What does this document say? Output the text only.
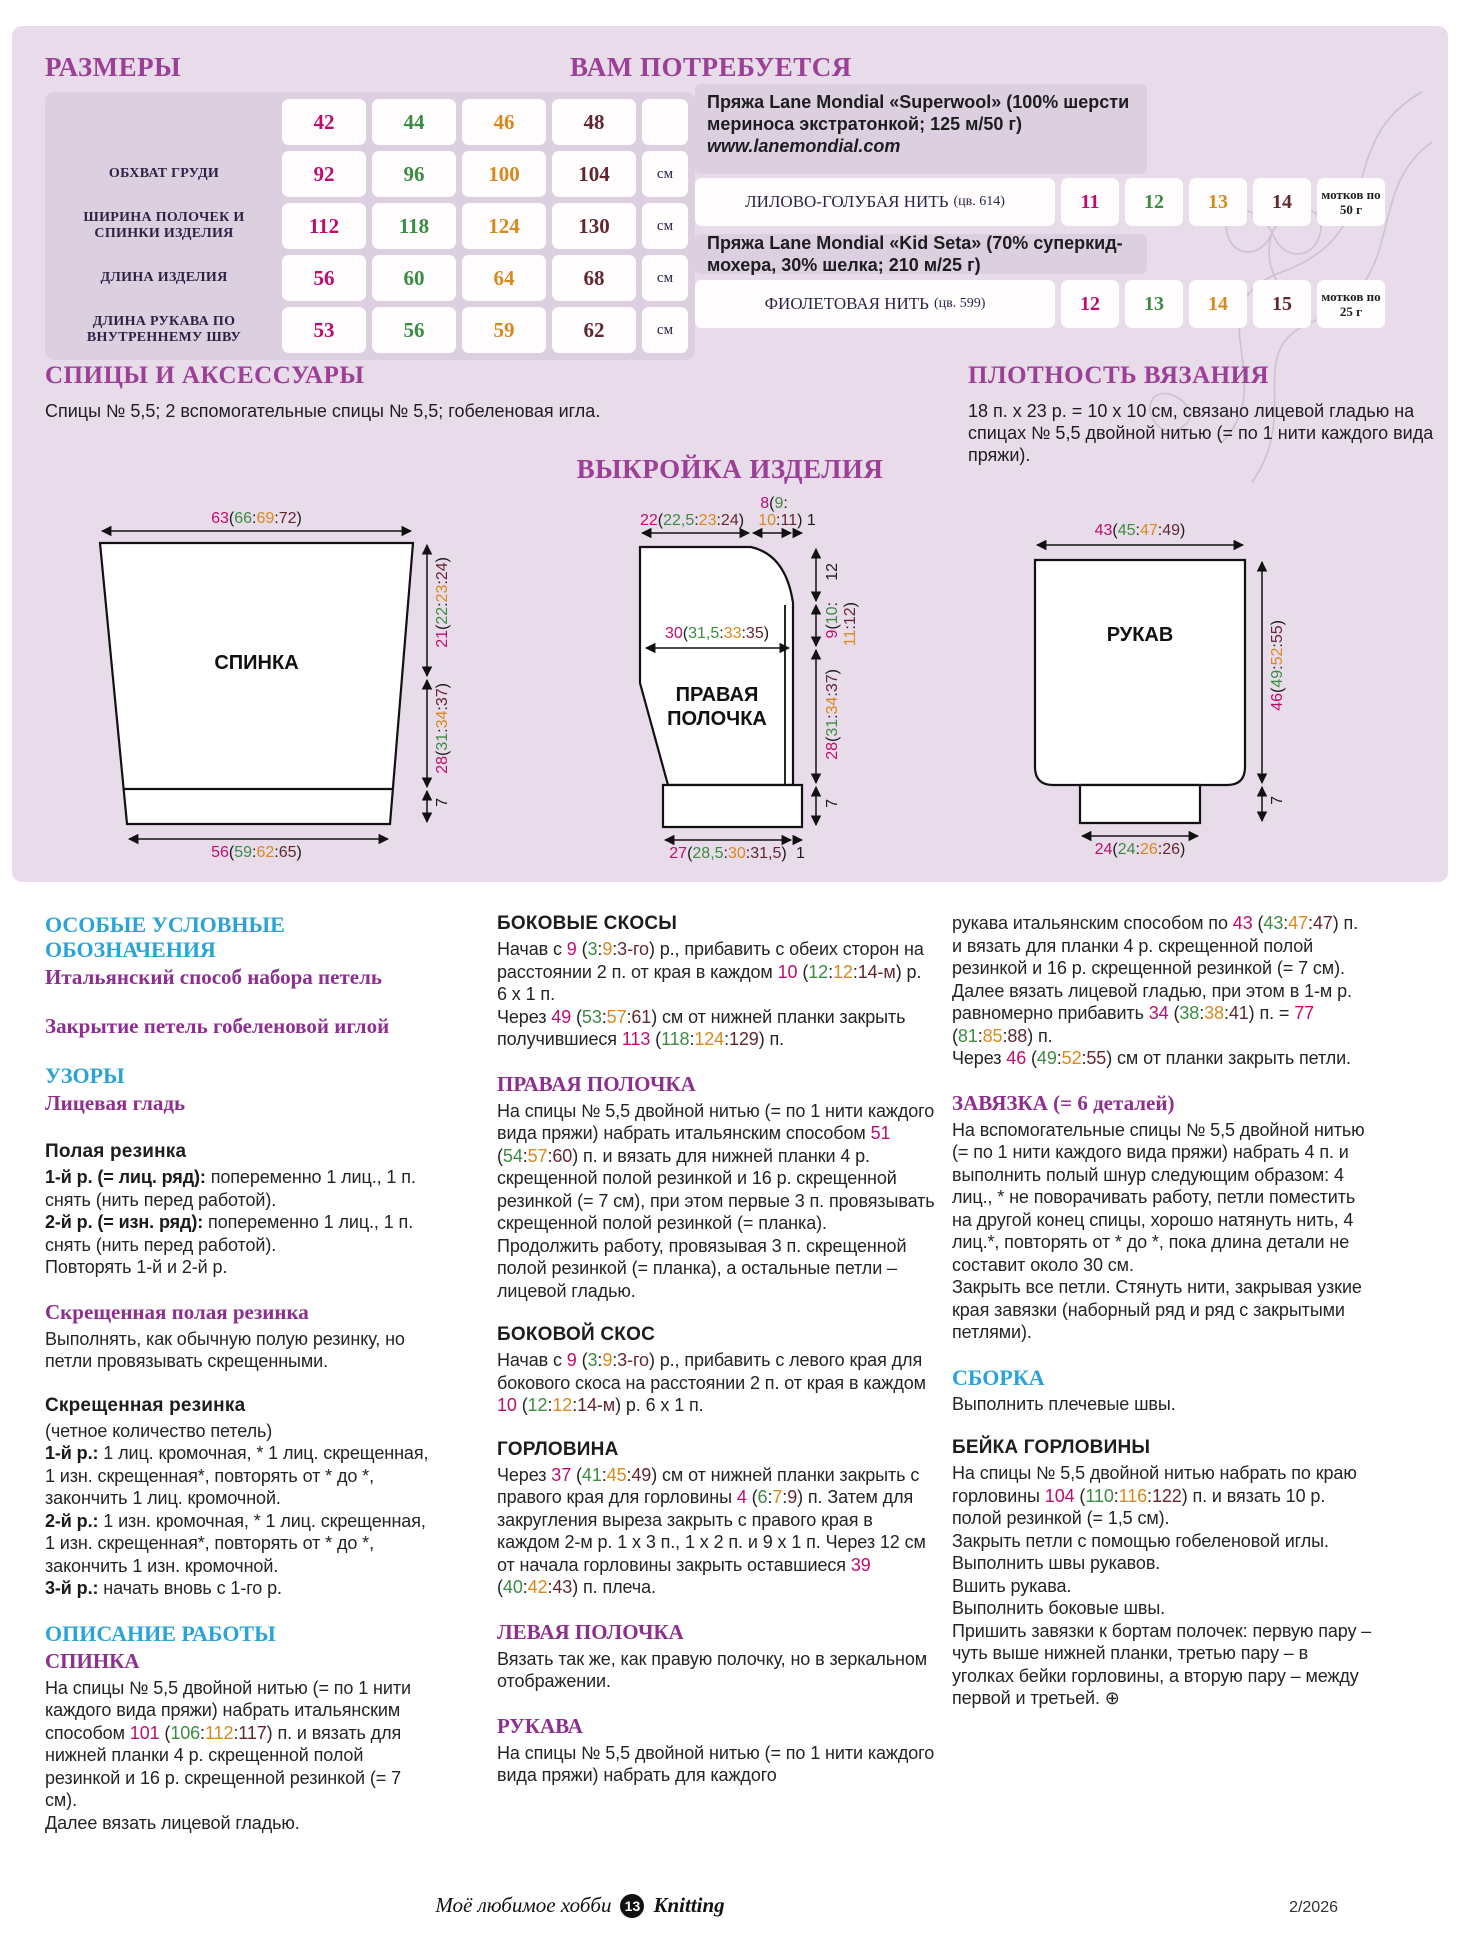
РАЗМЕРЫ
42	44	46	48
ОБХВАТ ГРУДИ	92	96	100	104	см
ШИРИНА ПОЛОЧЕК И СПИНКИ ИЗДЕЛИЯ	112	118	124	130	см
ДЛИНА ИЗДЕЛИЯ	56	60	64	68	см
ДЛИНА РУКАВА ПО ВНУТРЕННЕМУ ШВУ	53	56	59	62	см
ВАМ ПОТРЕБУЕТСЯ
Пряжа Lane Mondial «Superwool» (100% шерсти мериноса экстратонкой; 125 м/50 г)
www.lanemondial.com
ЛИЛОВО-ГОЛУБАЯ НИТЬ (цв. 614)	11	12	13	14	мотков по 50 г
Пряжа Lane Mondial «Kid Seta» (70% суперкид-мохера, 30% шелка; 210 м/25 г)
ФИОЛЕТОВАЯ НИТЬ (цв. 599)	12	13	14	15	мотков по 25 г
СПИЦЫ И АКСЕССУАРЫ
Спицы № 5,5; 2 вспомогательные спицы № 5,5; гобеленовая игла.
ПЛОТНОСТЬ ВЯЗАНИЯ
18 п. x 23 р. = 10 x 10 см, связано лицевой гладью на спицах № 5,5 двойной нитью (= по 1 нити каждого вида пряжи).
ВЫКРОЙКА ИЗДЕЛИЯ
63(66:69:72)
СПИНКА
21(22:23:24)
28(31:34:37)
7
56(59:62:65)
8(9:
22(22,5:23:24) 10:11) 1
30(31,5:33:35)
ПРАВАЯ ПОЛОЧКА
12
9(10:
11:12)
28(31:34:37)
7
27(28,5:30:31,5) 1
43(45:47:49)
РУКАВ
46(49:52:55)
7
24(24:26:26)
ОСОБЫЕ УСЛОВНЫЕ ОБОЗНАЧЕНИЯ
Итальянский способ набора петель
Закрытие петель гобеленовой иглой
УЗОРЫ
Лицевая гладь
Полая резинка

1-й р. (= лиц. ряд): попеременно 1 лиц., 1 п. снять (нить перед работой).

2-й р. (= изн. ряд): попеременно 1 лиц., 1 п. снять (нить перед работой).

Повторять 1-й и 2-й р.

Скрещенная полая резинка

Выполнять, как обычную полую резинку, но петли провязывать скрещенными.

Скрещенная резинка

(четное количество петель)

1-й р.: 1 лиц. кромочная, * 1 лиц. скрещенная, 1 изн. скрещенная*, повторять от * до *, закончить 1 лиц. кромочной.

2-й р.: 1 изн. кромочная, * 1 лиц. скрещенная, 1 изн. скрещенная*, повторять от * до *, закончить 1 изн. кромочной.

3-й р.: начать вновь с 1-го р.

ОПИСАНИЕ РАБОТЫ
СПИНКА

На спицы № 5,5 двойной нитью (= по 1 нити каждого вида пряжи) набрать итальянским способом 101 (106:112:117) п. и вязать для нижней планки 4 р. скрещенной полой резинкой и 16 р. скрещенной резинкой (= 7 см).

Далее вязать лицевой гладью.

БОКОВЫЕ СКОСЫ

Начав с 9 (3:9:3-го) р., прибавить с обеих сторон на расстоянии 2 п. от края в каждом 10 (12:12:14-м) р. 6 х 1 п.

Через 49 (53:57:61) см от нижней планки закрыть получившиеся 113 (118:124:129) п.

ПРАВАЯ ПОЛОЧКА

На спицы № 5,5 двойной нитью (= по 1 нити каждого вида пряжи) набрать итальянским способом 51 (54:57:60) п. и вязать для нижней планки 4 р. скрещенной полой резинкой и 16 р. скрещенной резинкой (= 7 см), при этом первые 3 п. провязывать скрещенной полой резинкой (= планка).

Продолжить работу, провязывая 3 п. скрещенной полой резинкой (= планка), а остальные петли – лицевой гладью.

БОКОВОЙ СКОС

Начав с 9 (3:9:3-го) р., прибавить с левого края для бокового скоса на расстоянии 2 п. от края в каждом 10 (12:12:14-м) р. 6 х 1 п.

ГОРЛОВИНА

Через 37 (41:45:49) см от нижней планки закрыть с правого края для горловины 4 (6:7:9) п. Затем для закругления выреза закрыть с правого края в каждом 2-м р. 1 х 3 п., 1 х 2 п. и 9 х 1 п. Через 12 см от начала горловины закрыть оставшиеся 39 (40:42:43) п. плеча.

ЛЕВАЯ ПОЛОЧКА

Вязать так же, как правую полочку, но в зеркальном отображении.

РУКАВА

На спицы № 5,5 двойной нитью (= по 1 нити каждого вида пряжи) набрать для каждого

рукава итальянским способом по 43 (43:47:47) п. и вязать для планки 4 р. скрещенной полой резинкой и 16 р. скрещенной резинкой (= 7 см).

Далее вязать лицевой гладью, при этом в 1-м р. равномерно прибавить 34 (38:38:41) п. = 77 (81:85:88) п.

Через 46 (49:52:55) см от планки закрыть петли.

ЗАВЯЗКА (= 6 деталей)

На вспомогательные спицы № 5,5 двойной нитью (= по 1 нити каждого вида пряжи) набрать 4 п. и выполнить полый шнур следующим образом: 4 лиц., * не поворачивать работу, петли поместить на другой конец спицы, хорошо натянуть нить, 4 лиц.*, повторять от * до *, пока длина детали не составит около 30 см.

Закрыть все петли. Стянуть нити, закрывая узкие края завязки (наборный ряд и ряд с закрытыми петлями).

СБОРКА

Выполнить плечевые швы.

БЕЙКА ГОРЛОВИНЫ

На спицы № 5,5 двойной нитью набрать по краю горловины 104 (110:116:122) п. и вязать 10 р. полой резинкой (= 1,5 см).

Закрыть петли с помощью гобеленовой иглы.

Выполнить швы рукавов.

Вшить рукава.

Выполнить боковые швы.

Пришить завязки к бортам полочек: первую пару – чуть выше нижней планки, третью пару – в уголках бейки горловины, а вторую пару – между первой и третьей. ⊕

Моё любимое хобби 13 Knitting	2/2026
